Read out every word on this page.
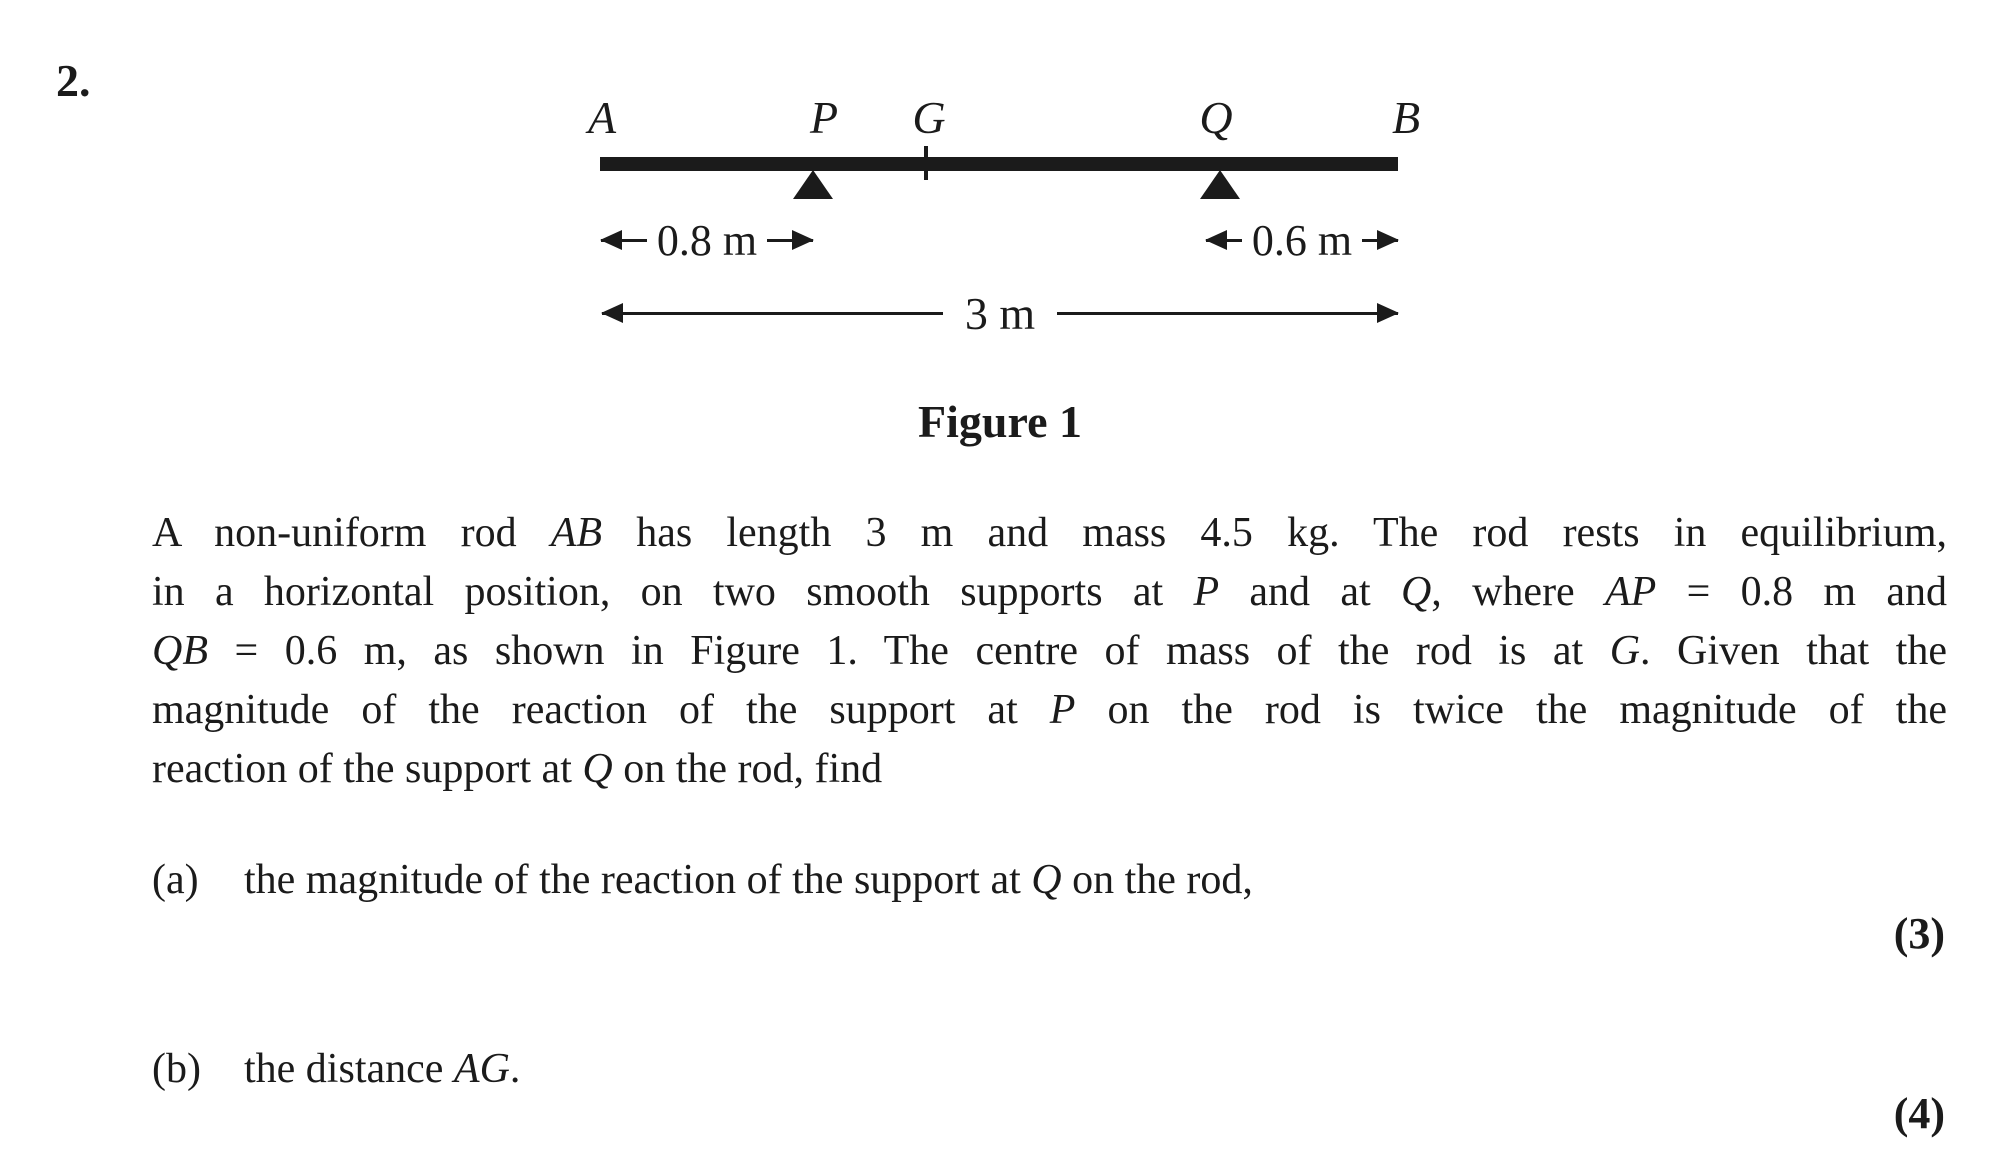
2.
A	P G	Q	B
0.8 m	0.6 m
3 m
Figure 1
A non-uniform rod AB has length 3 m and mass 4.5 kg. The rod rests in equilibrium,
in a horizontal position, on two smooth supports at P and at Q, where AP = 0.8 m and
QB = 0.6 m, as shown in Figure 1. The centre of mass of the rod is at G. Given that the
magnitude of the reaction of the support at P on the rod is twice the magnitude of the
reaction of the support at Q on the rod, find
(a)	the magnitude of the reaction of the support at Q on the rod,
(3)
(b)	the distance AG.
(4)
